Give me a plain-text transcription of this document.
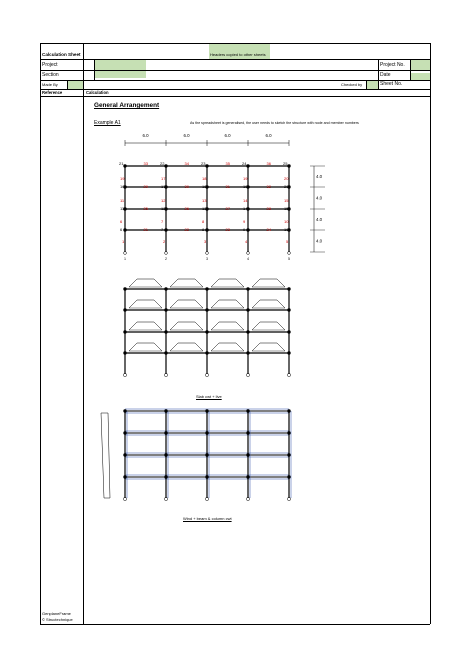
Calculation Sheet	Headers copied to other sheets
Project
Section
Made By	Checked by
Project No.
Date
Sheet No.
Reference	Calculation
General Arrangement
Example A1	As the spreadsheet is generalised, the user needs to sketch the structure with node and member numbers
6.0	6.0	6.0	6.0
4.0
4.0
4.0
4.0
21	22	23	24	25
33	34	35	36
19	17	18	19	20
16	17	18	19	20
29	30	31	32
11	12	13	14	15
11	12	13	14	15
25	26	27	28
6	7	8	9	10
6	7	8	9	10
21	22	23	24
1	2	3	4	5
1	2	3	4	5
Slab cwt + live
Wind + beam & column cwt
GenplaneFrame
© Structechnique
